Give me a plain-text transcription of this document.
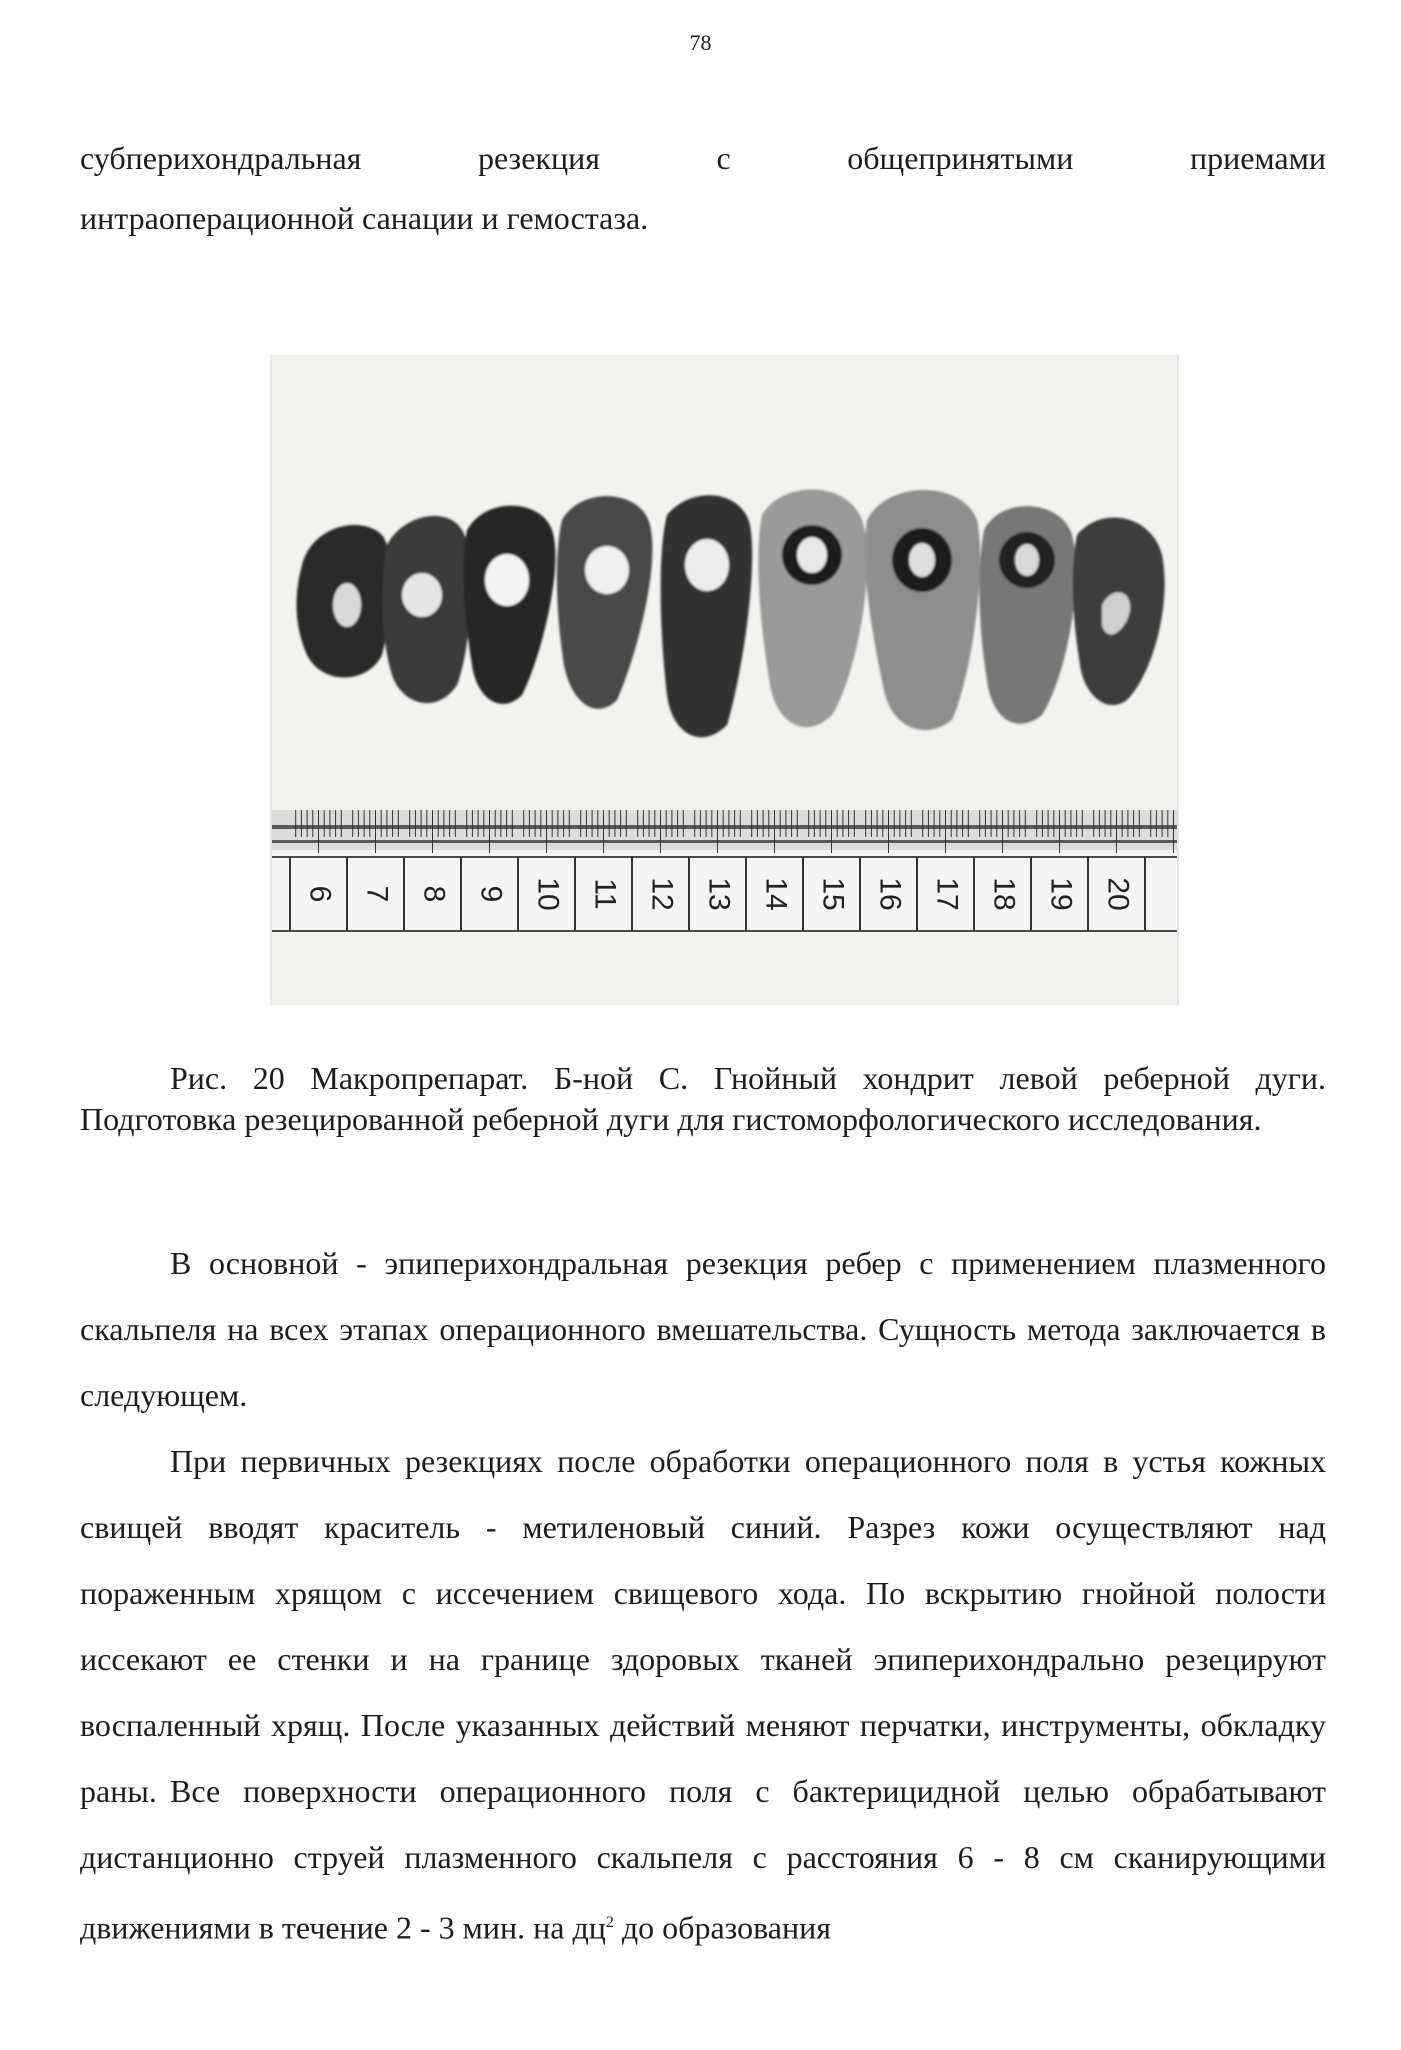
78
субперихондральная резекция с общепринятыми приемами
интраоперационной санации и гемостаза.
6 7 8 9 10 11 12 13 14 15 16 17 18 19 20

Рис. 20 Макропрепарат. Б-ной С. Гнойный хондрит левой реберной дуги. Подготовка резецированной реберной дуги для гистоморфологического исследования.

В основной - эпиперихондральная резекция ребер с применением плазменного скальпеля на всех этапах операционного вмешательства. Сущность метода заключается в следующем.

При первичных резекциях после обработки операционного поля в устья кожных свищей вводят краситель - метиленовый синий. Разрез кожи осуществляют над пораженным хрящом с иссечением свищевого хода. По вскрытию гнойной полости иссекают ее стенки и на границе здоровых тканей эпиперихондрально резецируют воспаленный хрящ. После указанных действий меняют перчатки, инструменты, обкладку раны. Все поверхности операционного поля с бактерицидной целью обрабатывают дистанционно струей плазменного скальпеля с расстояния 6 - 8 см сканирующими движениями в течение 2 - 3 мин. на $дц^2$ до образования
